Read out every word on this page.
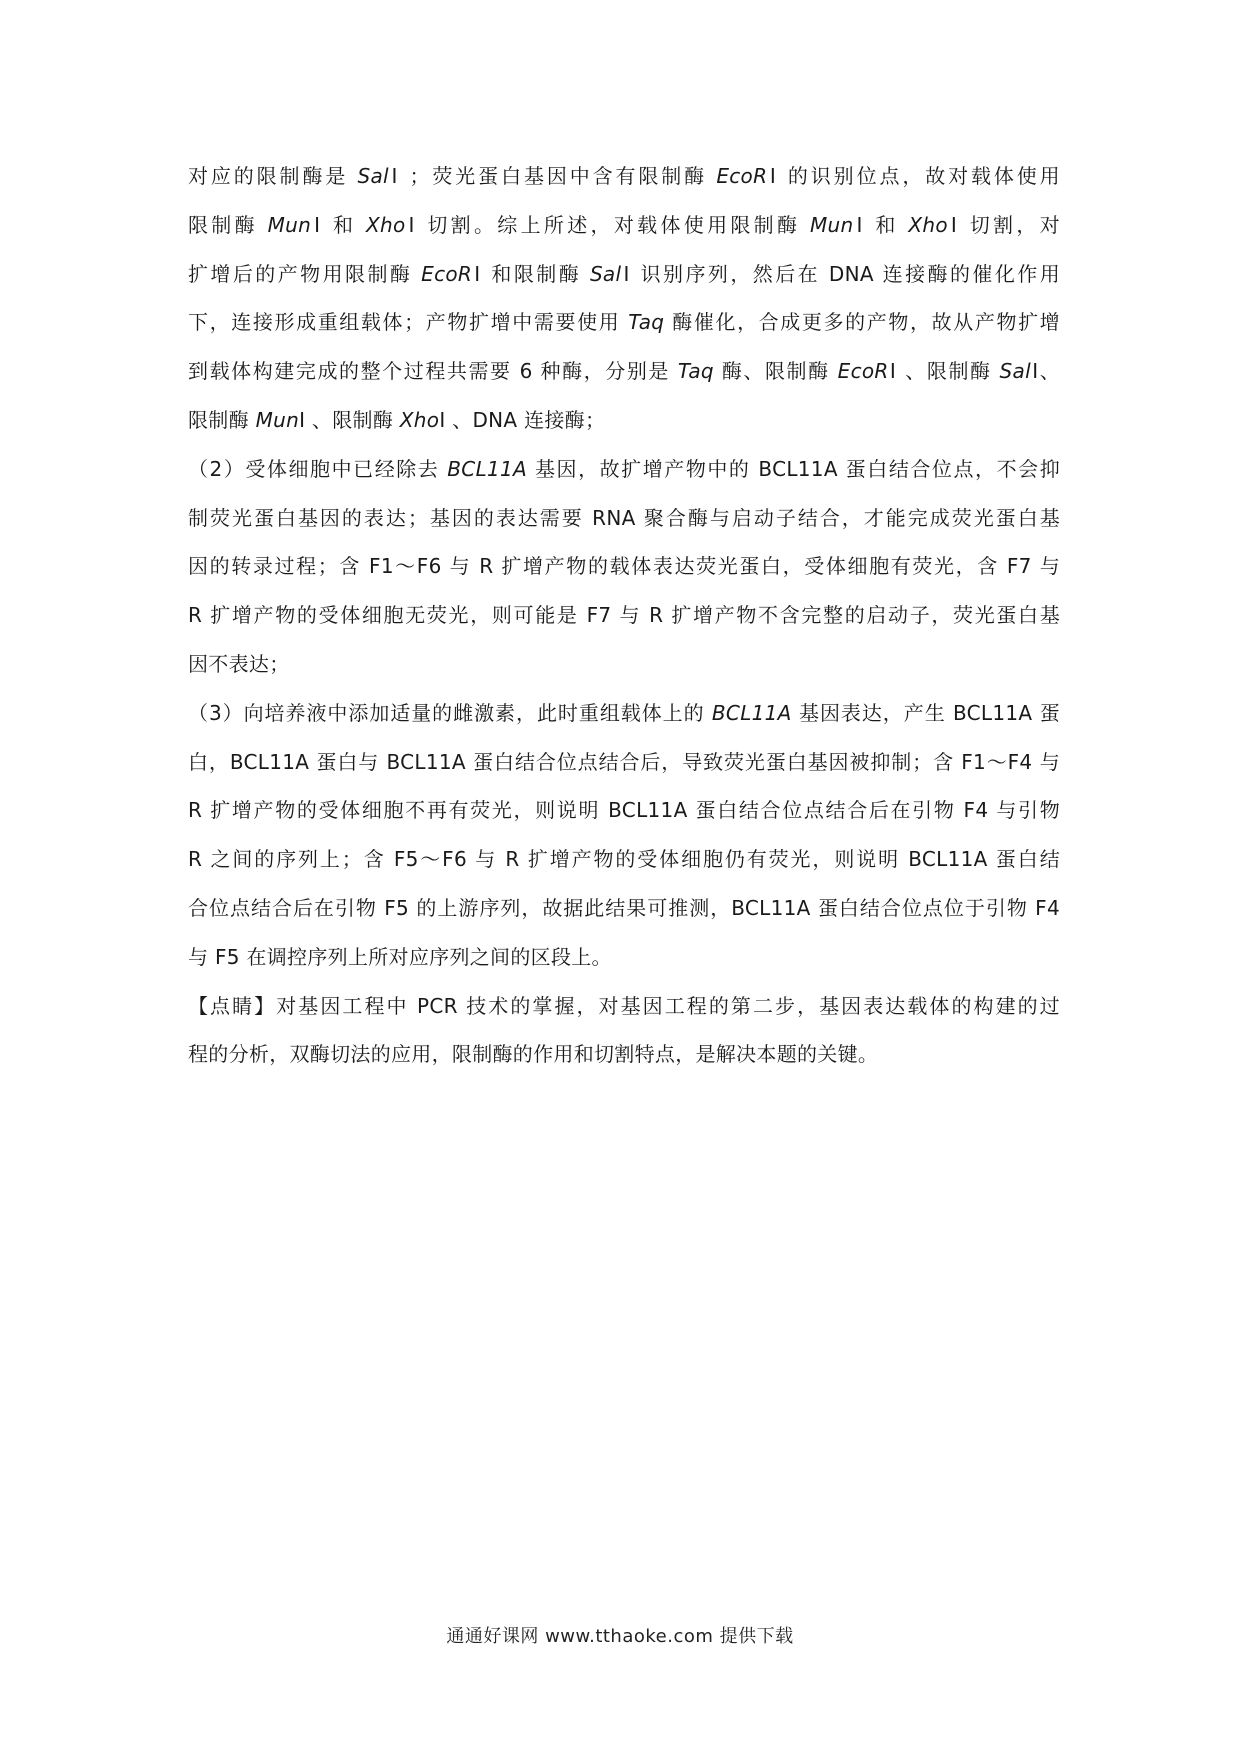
对应的限制酶是 SalⅠ ；荧光蛋白基因中含有限制酶 EcoRⅠ 的识别位点，故对载体使用
限制酶 MunⅠ 和 XhoⅠ 切割。综上所述，对载体使用限制酶 MunⅠ 和 XhoⅠ 切割，对
扩增后的产物用限制酶 EcoRⅠ 和限制酶 SalⅠ 识别序列，然后在 DNA 连接酶的催化作用
下，连接形成重组载体；产物扩增中需要使用 Taq 酶催化，合成更多的产物，故从产物扩增
到载体构建完成的整个过程共需要 6 种酶，分别是 Taq 酶、限制酶 EcoRⅠ 、限制酶 SalⅠ、
限制酶 MunⅠ 、限制酶 XhoⅠ 、DNA 连接酶；
（2）受体细胞中已经除去 BCL11A 基因，故扩增产物中的 BCL11A 蛋白结合位点，不会抑
制荧光蛋白基因的表达；基因的表达需要 RNA 聚合酶与启动子结合，才能完成荧光蛋白基
因的转录过程；含 F1～F6 与 R 扩增产物的载体表达荧光蛋白，受体细胞有荧光，含 F7 与
R 扩增产物的受体细胞无荧光，则可能是 F7 与 R 扩增产物不含完整的启动子，荧光蛋白基
因不表达；
（3）向培养液中添加适量的雌激素，此时重组载体上的 BCL11A 基因表达，产生 BCL11A 蛋
白，BCL11A 蛋白与 BCL11A 蛋白结合位点结合后，导致荧光蛋白基因被抑制；含 F1～F4 与
R 扩增产物的受体细胞不再有荧光，则说明 BCL11A 蛋白结合位点结合后在引物 F4 与引物
R 之间的序列上；含 F5～F6 与 R 扩增产物的受体细胞仍有荧光，则说明 BCL11A 蛋白结
合位点结合后在引物 F5 的上游序列，故据此结果可推测，BCL11A 蛋白结合位点位于引物 F4
与 F5 在调控序列上所对应序列之间的区段上。
【点睛】对基因工程中 PCR 技术的掌握，对基因工程的第二步，基因表达载体的构建的过
程的分析，双酶切法的应用，限制酶的作用和切割特点，是解决本题的关键。
通通好课网 www.tthaoke.com 提供下载
